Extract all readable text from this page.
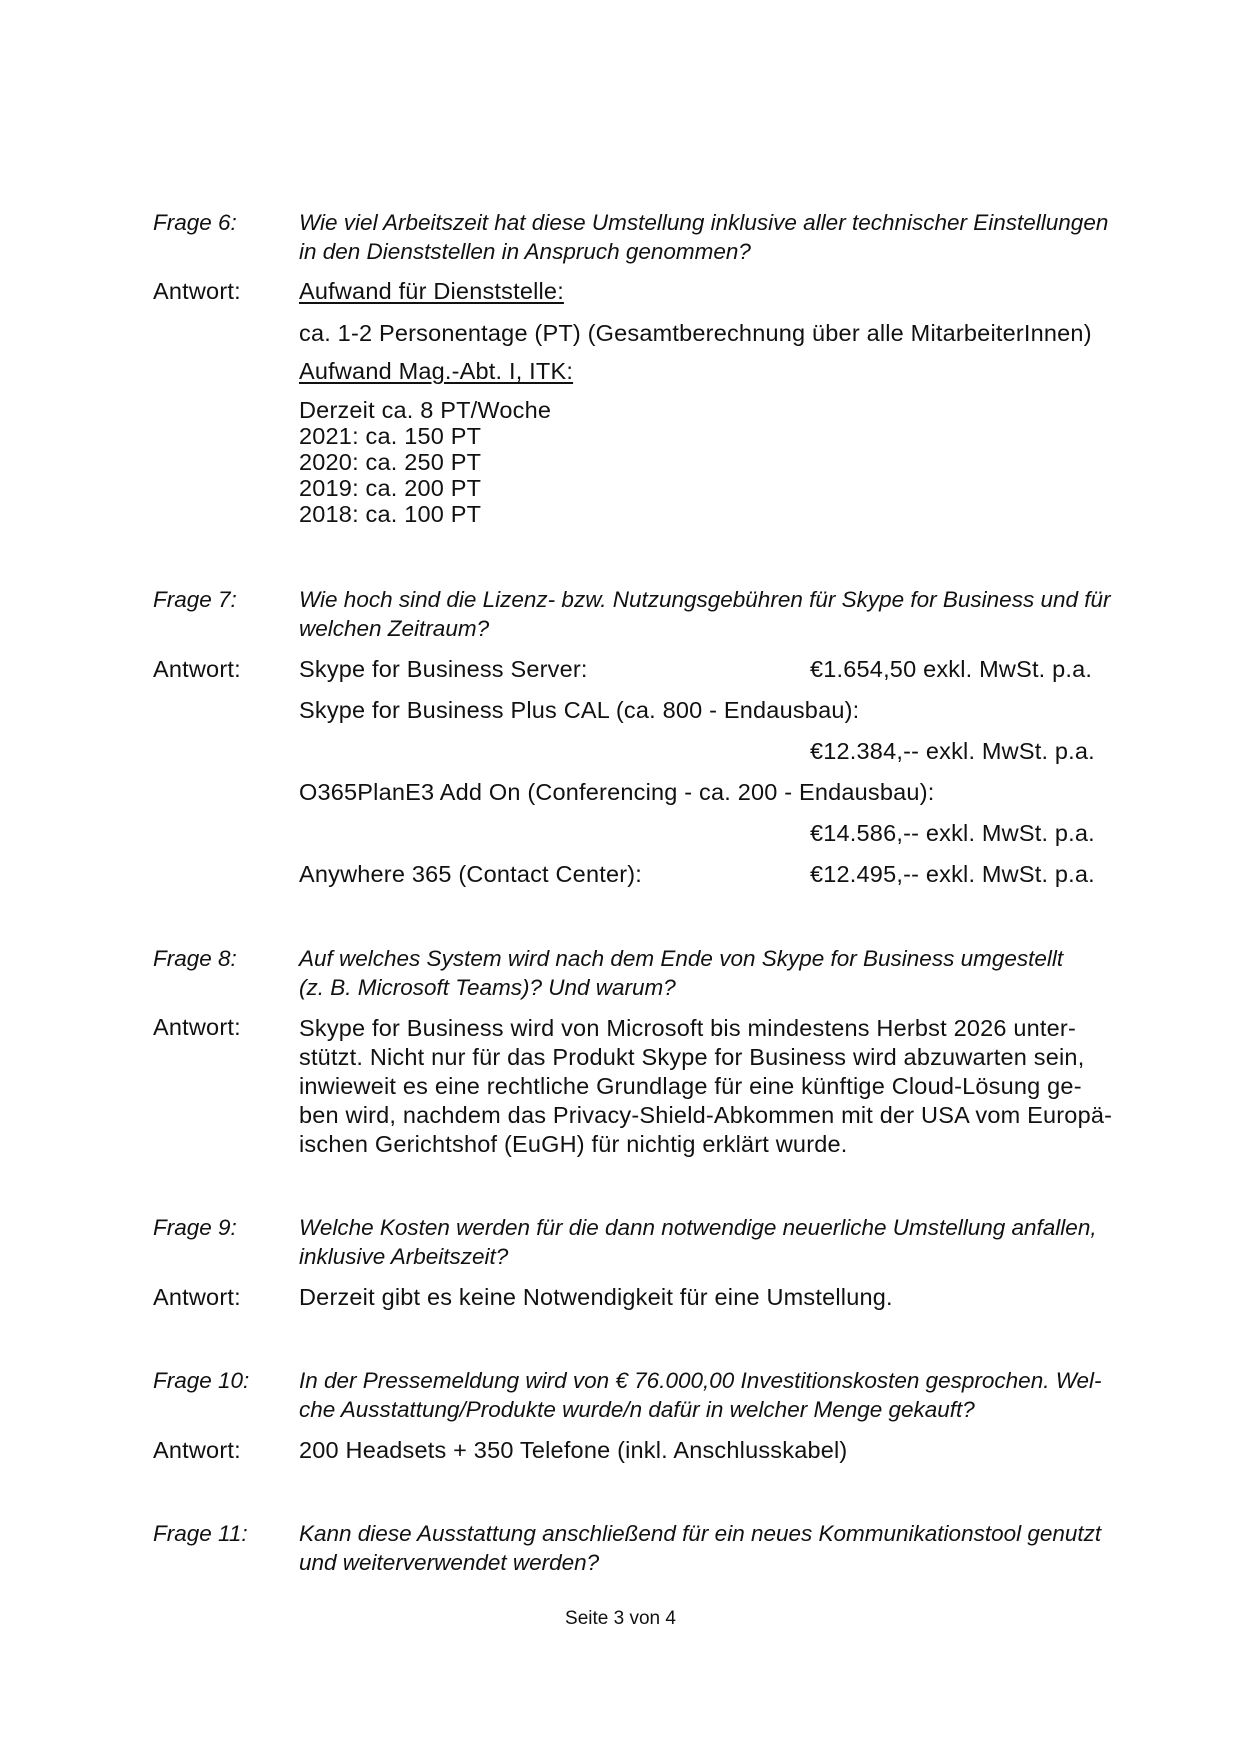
Frage 6:	Wie viel Arbeitszeit hat diese Umstellung inklusive aller technischer Einstellungen
in den Dienststellen in Anspruch genommen?
Antwort: Aufwand für Dienststelle:
ca. 1-2 Personentage (PT) (Gesamtberechnung über alle MitarbeiterInnen)
Aufwand Mag.-Abt. I, ITK:
Derzeit ca. 8 PT/Woche
2021: ca. 150 PT
2020: ca. 250 PT
2019: ca. 200 PT
2018: ca. 100 PT
Frage 7:	Wie hoch sind die Lizenz- bzw. Nutzungsgebühren für Skype for Business und für
welchen Zeitraum?
Antwort: Skype for Business Server:	€1.654,50 exkl. MwSt. p.a.
Skype for Business Plus CAL (ca. 800 - Endausbau):
€12.384,-- exkl. MwSt. p.a.
O365PlanE3 Add On (Conferencing - ca. 200 - Endausbau):
€14.586,-- exkl. MwSt. p.a.
Anywhere 365 (Contact Center):	€12.495,-- exkl. MwSt. p.a.
Frage 8:	Auf welches System wird nach dem Ende von Skype for Business umgestellt
(z. B. Microsoft Teams)? Und warum?
Antwort: Skype for Business wird von Microsoft bis mindestens Herbst 2026 unter-
stützt. Nicht nur für das Produkt Skype for Business wird abzuwarten sein,
inwieweit es eine rechtliche Grundlage für eine künftige Cloud-Lösung ge-
ben wird, nachdem das Privacy-Shield-Abkommen mit der USA vom Europä-
ischen Gerichtshof (EuGH) für nichtig erklärt wurde.
Frage 9:	Welche Kosten werden für die dann notwendige neuerliche Umstellung anfallen,
inklusive Arbeitszeit?
Antwort: Derzeit gibt es keine Notwendigkeit für eine Umstellung.
Frage 10: In der Pressemeldung wird von € 76.000,00 Investitionskosten gesprochen. Wel-
che Ausstattung/Produkte wurde/n dafür in welcher Menge gekauft?
Antwort: 200 Headsets + 350 Telefone (inkl. Anschlusskabel)
Frage 11: Kann diese Ausstattung anschließend für ein neues Kommunikationstool genutzt
und weiterverwendet werden?
Seite 3 von 4
